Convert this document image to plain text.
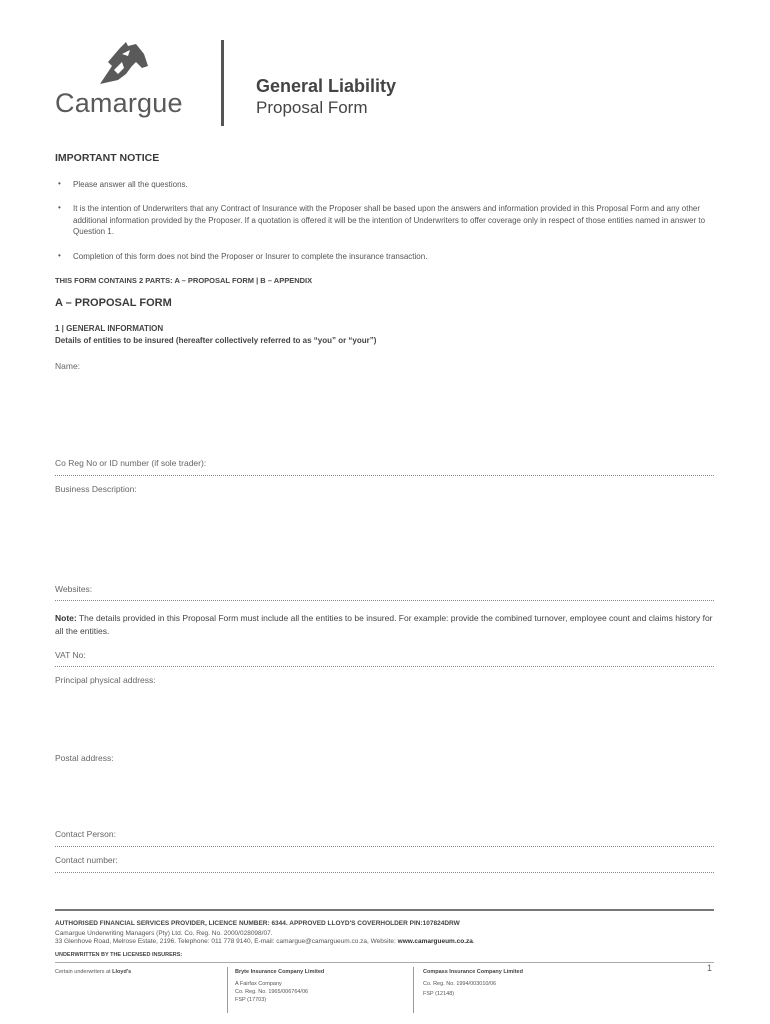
Camargue
General Liability
Proposal Form
IMPORTANT NOTICE
• Please answer all the questions.
• It is the intention of Underwriters that any Contract of Insurance with the Proposer shall be based upon the answers and information provided in this Proposal Form and any other additional information provided by the Proposer. If a quotation is offered it will be the intention of Underwriters to offer coverage only in respect of those entities named in answer to Question 1.
• Completion of this form does not bind the Proposer or Insurer to complete the insurance transaction.
THIS FORM CONTAINS 2 PARTS: A – PROPOSAL FORM | B – APPENDIX
A – PROPOSAL FORM
1 | GENERAL INFORMATION
Details of entities to be insured (hereafter collectively referred to as “you” or “your”)
Name:
Co Reg No or ID number (if sole trader):
Business Description:
Websites:
Note: The details provided in this Proposal Form must include all the entities to be insured. For example: provide the combined turnover, employee count and claims history for all the entities.
VAT No:
Principal physical address:
Postal address:
Contact Person:
Contact number:
AUTHORISED FINANCIAL SERVICES PROVIDER, LICENCE NUMBER: 6344. APPROVED LLOYD'S COVERHOLDER PIN:107824DRW
Camargue Underwriting Managers (Pty) Ltd. Co. Reg. No. 2000/028098/07.
33 Glenhove Road, Melrose Estate, 2196. Telephone: 011 778 9140, E-mail: camargue@camargueum.co.za, Website: www.camargueum.co.za.
UNDERWRITTEN BY THE LICENSED INSURERS:
Certain underwriters at Lloyd's	Bryte Insurance Company Limited
A Fairfax Company
Co. Reg. No. 1965/006764/06
FSP (17703)
Compass Insurance Company Limited
Co. Reg. No. 1994/003010/06
FSP (12148)
1
